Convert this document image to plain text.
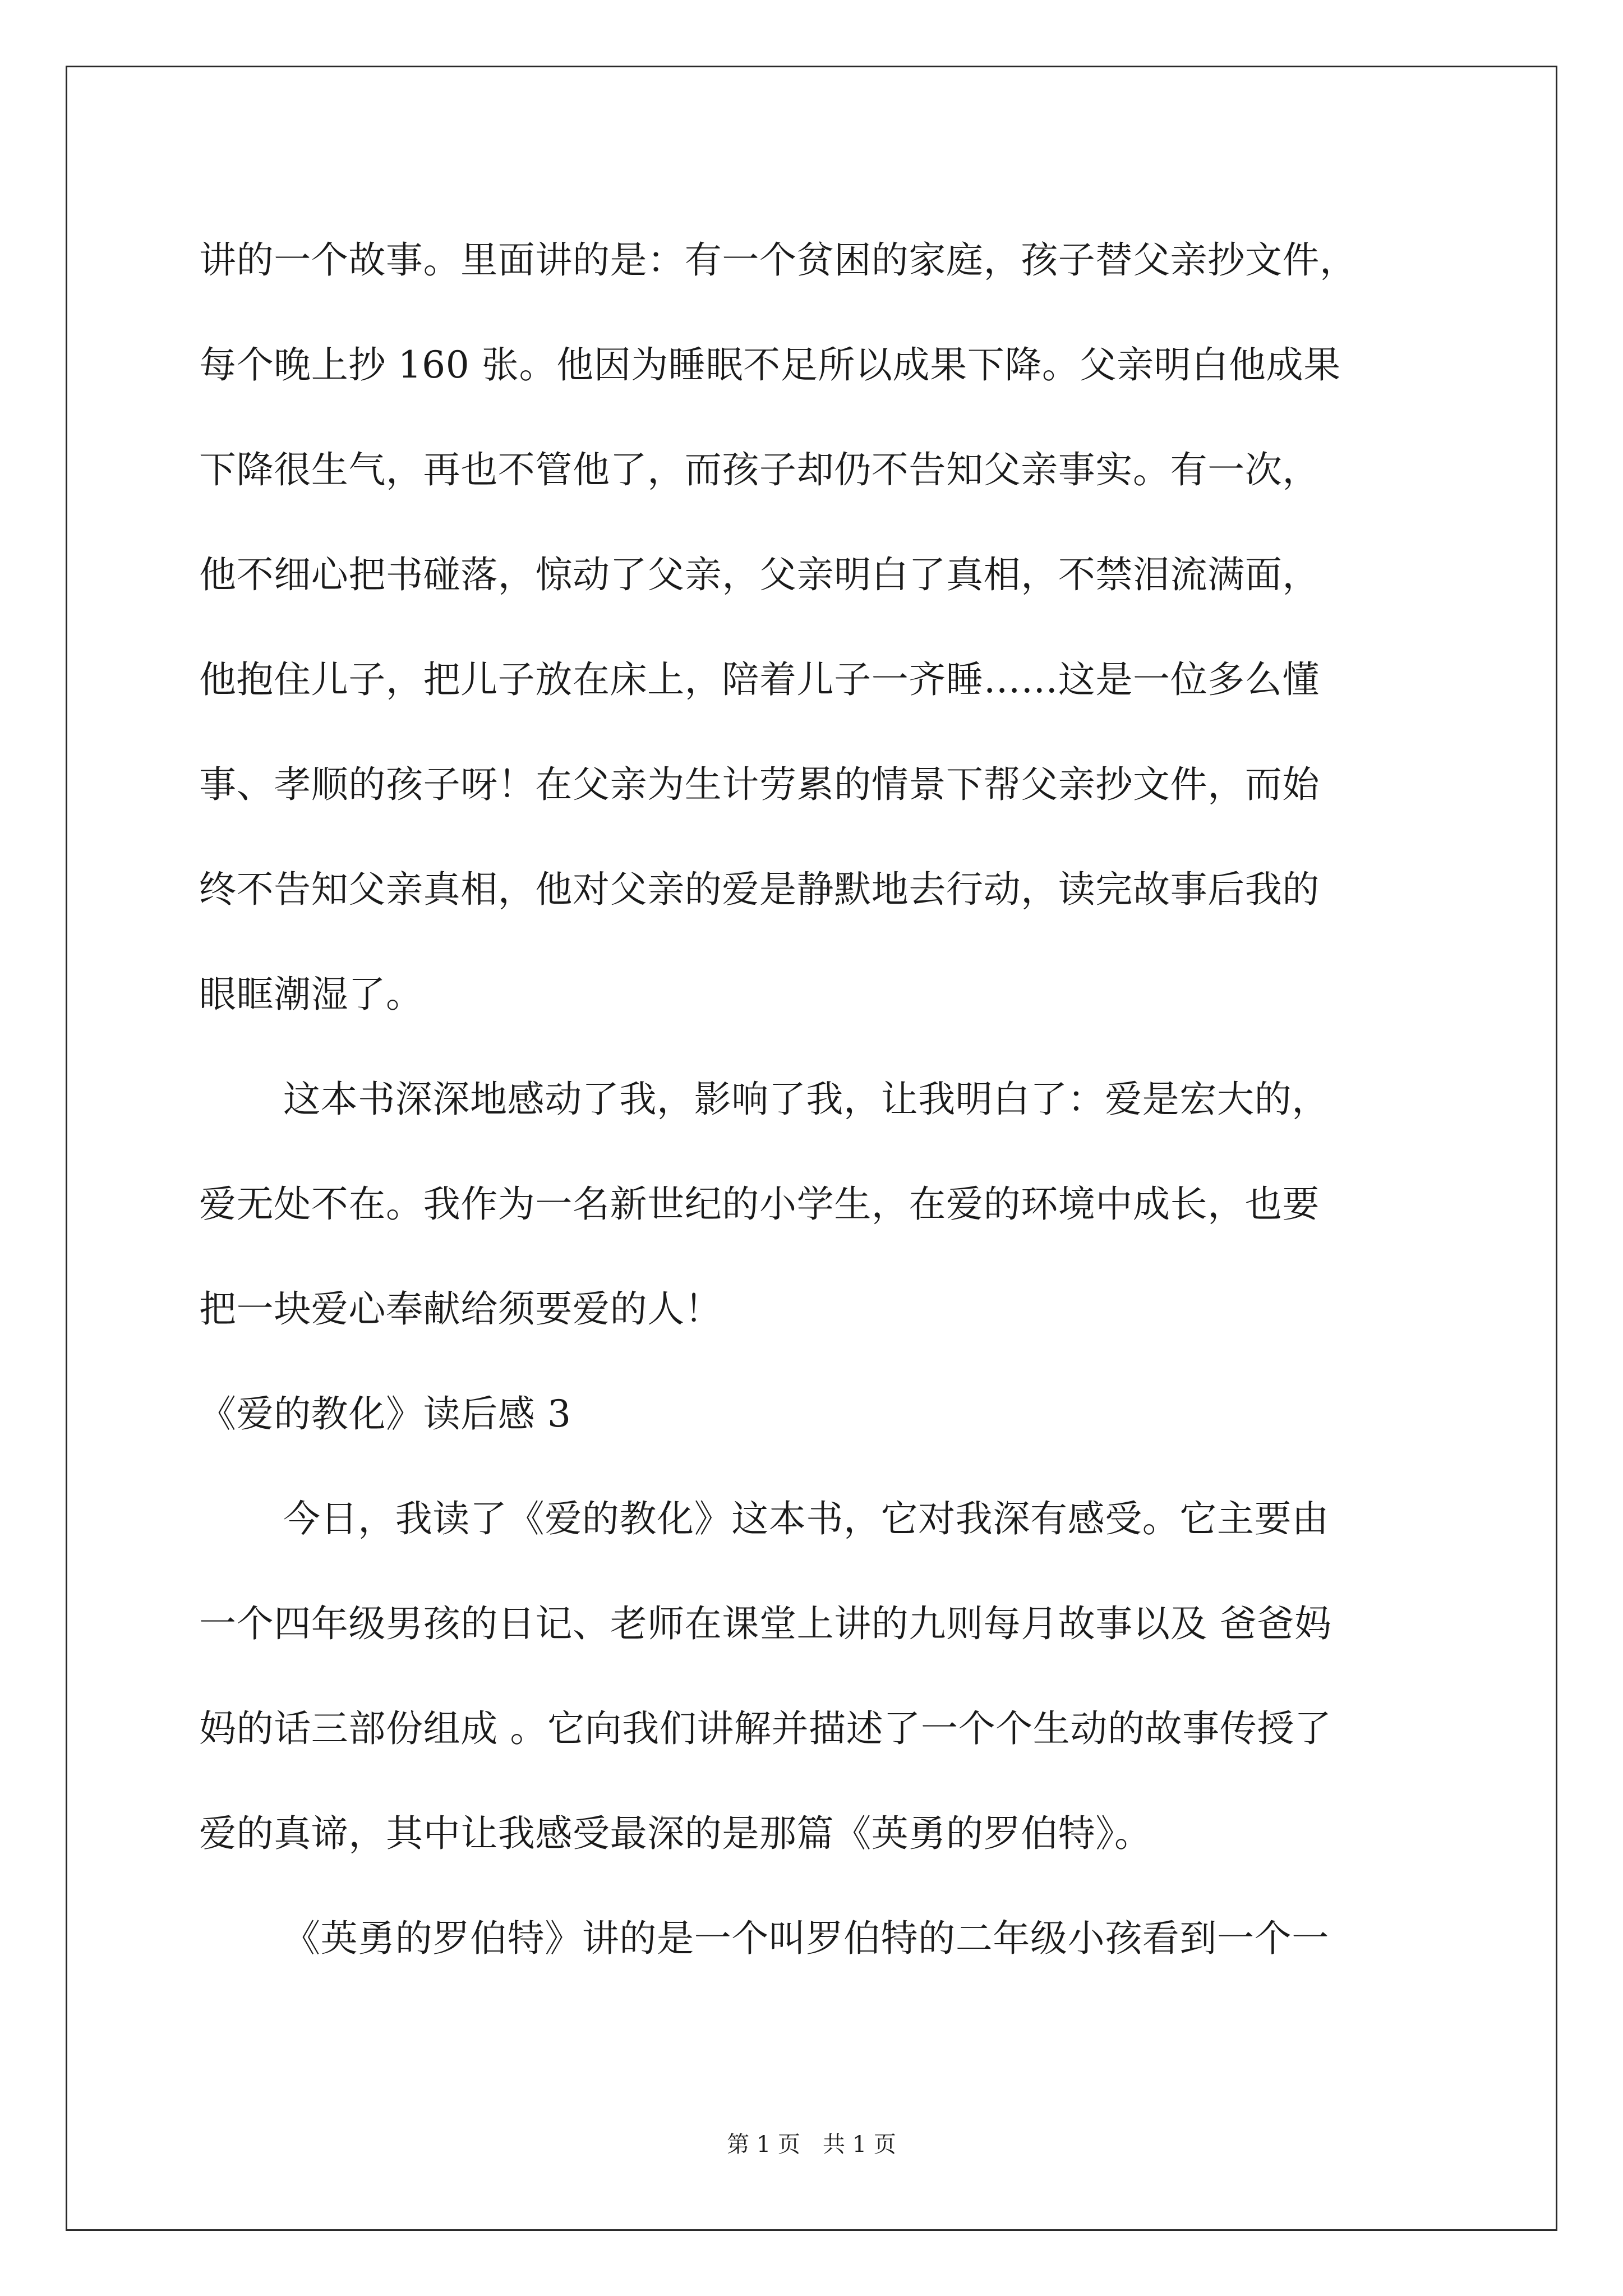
讲的一个故事。里面讲的是：有一个贫困的家庭，孩子替父亲抄文件，
每个晚上抄 160 张。他因为睡眠不足所以成果下降。父亲明白他成果
下降很生气，再也不管他了，而孩子却仍不告知父亲事实。有一次，
他不细心把书碰落，惊动了父亲，父亲明白了真相，不禁泪流满面，
他抱住儿子，把儿子放在床上，陪着儿子一齐睡……这是一位多么懂
事、孝顺的孩子呀！在父亲为生计劳累的情景下帮父亲抄文件，而始
终不告知父亲真相，他对父亲的爱是静默地去行动，读完故事后我的
眼眶潮湿了。
这本书深深地感动了我，影响了我，让我明白了：爱是宏大的，
爱无处不在。我作为一名新世纪的小学生，在爱的环境中成长，也要
把一块爱心奉献给须要爱的人！
《爱的教化》读后感 3
今日，我读了《爱的教化》这本书，它对我深有感受。它主要由
一个四年级男孩的日记、老师在课堂上讲的九则每月故事以及 爸爸妈
妈的话三部份组成 。它向我们讲解并描述了一个个生动的故事传授了
爱的真谛，其中让我感受最深的是那篇《英勇的罗伯特》。
《英勇的罗伯特》讲的是一个叫罗伯特的二年级小孩看到一个一
第 1 页　共 1 页
